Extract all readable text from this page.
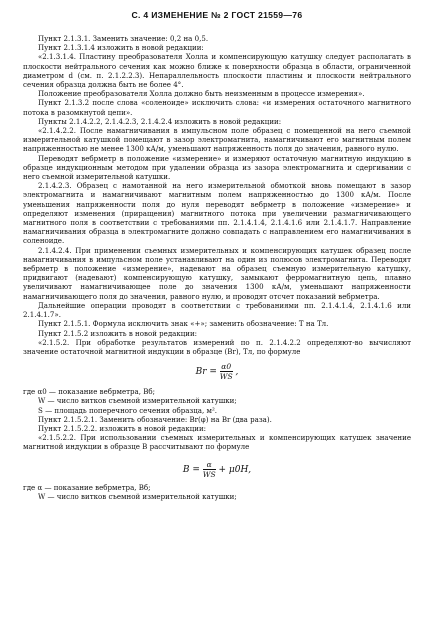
С. 4 ИЗМЕНЕНИЕ № 2 ГОСТ 21559—76

Пункт 2.1.3.1. Заменить значение: 0,2 на 0,5.

Пункт 2.1.3.1.4 изложить в новой редакции:

«2.1.3.1.4. Пластину преобразователя Холла и компенсирующую катушку следует располагать в плоскости нейтрального сечения как можно ближе к поверхности образца в области, ограниченной диаметром d (см. п. 2.1.2.2.3). Непараллельность плоскости пластины и плоскости нейтрального сечения образца должна быть не более 4°.

Положение преобразователя Холла должно быть неизменным в процессе измерения».

Пункт 2.1.3.2 после слова «соленоиде» исключить слова: «и измерения остаточного магнитного потока в разомкнутой цепи».

Пункты 2.1.4.2.2, 2.1.4.2.3, 2.1.4.2.4 изложить в новой редакции:

«2.1.4.2.2. После намагничивания в импульсном поле образец с помещенной на него съемной измерительной катушкой помещают в зазор электромагнита, намагничивают его магнитным полем напряженностью не менее 1300 кА/м, уменьшают напряженность поля до значения, равного нулю.

Переводят вебрметр в положение «измерение» и измеряют остаточную магнитную индукцию в образце индукционным методом при удалении образца из зазора электромагнита и сдергивании с него съемной измерительной катушки.

2.1.4.2.3. Образец с намотанной на него измерительной обмоткой вновь помещают в зазор электромагнита и намагничивают магнитным полем напряженностью до 1300 кА/м. После уменьшения напряженности поля до нуля переводят вебрметр в положение «измерение» и определяют изменения (приращения) магнитного потока при увеличении размагничивающего магнитного поля в соответствии с требованиями пп. 2.1.4.1.4, 2.1.4.1.6 или 2.1.4.1.7. Направление намагничивания образца в электромагните должно совпадать с направлением его намагничивания в соленоиде.

2.1.4.2.4. При применении съемных измерительных и компенсирующих катушек образец после намагничивания в импульсном поле устанавливают на один из полюсов электромагнита. Переводят вебрметр в положение «измерение», надевают на образец съемную измерительную катушку, придвигают (надевают) компенсирующую катушку, замыкают ферромагнитную цепь, плавно увеличивают намагничивающее поле до значения 1300 кА/м, уменьшают напряженности намагничивающего поля до значения, равного нулю, и проводят отсчет показаний вебрметра.

Дальнейшие операции проводят в соответствии с требованиями пп. 2.1.4.1.4, 2.1.4.1.6 или 2.1.4.1.7».

Пункт 2.1.5.1. Формула исключить знак «+»; заменить обозначение: Т на Тл.

Пункт 2.1.5.2 изложить в новой редакции:

«2.1.5.2. При обработке результатов измерений по п. 2.1.4.2.2 определяют-во вычисляют значение остаточной магнитной индукции в образце (Br), Тл, по формуле

$Br = \frac{\alpha 0}{WS}$ ,

где α0 — показание вебрметра, Вб;

W — число витков съемной измерительной катушки;

S — площадь поперечного сечения образца, м².

Пункт 2.1.5.2.1. Заменить обозначение: Br(φ) на Br (два раза).

Пункт 2.1.5.2.2. изложить в новой редакции:

«2.1.5.2.2. При использовании съемных измерительных и компенсирующих катушек значение магнитной индукции в образце B рассчитывают по формуле

$B = \frac{\alpha}{WS} + \mu 0H$,

где α — показание вебрметра, Вб;

W — число витков съемной измерительной катушки;
